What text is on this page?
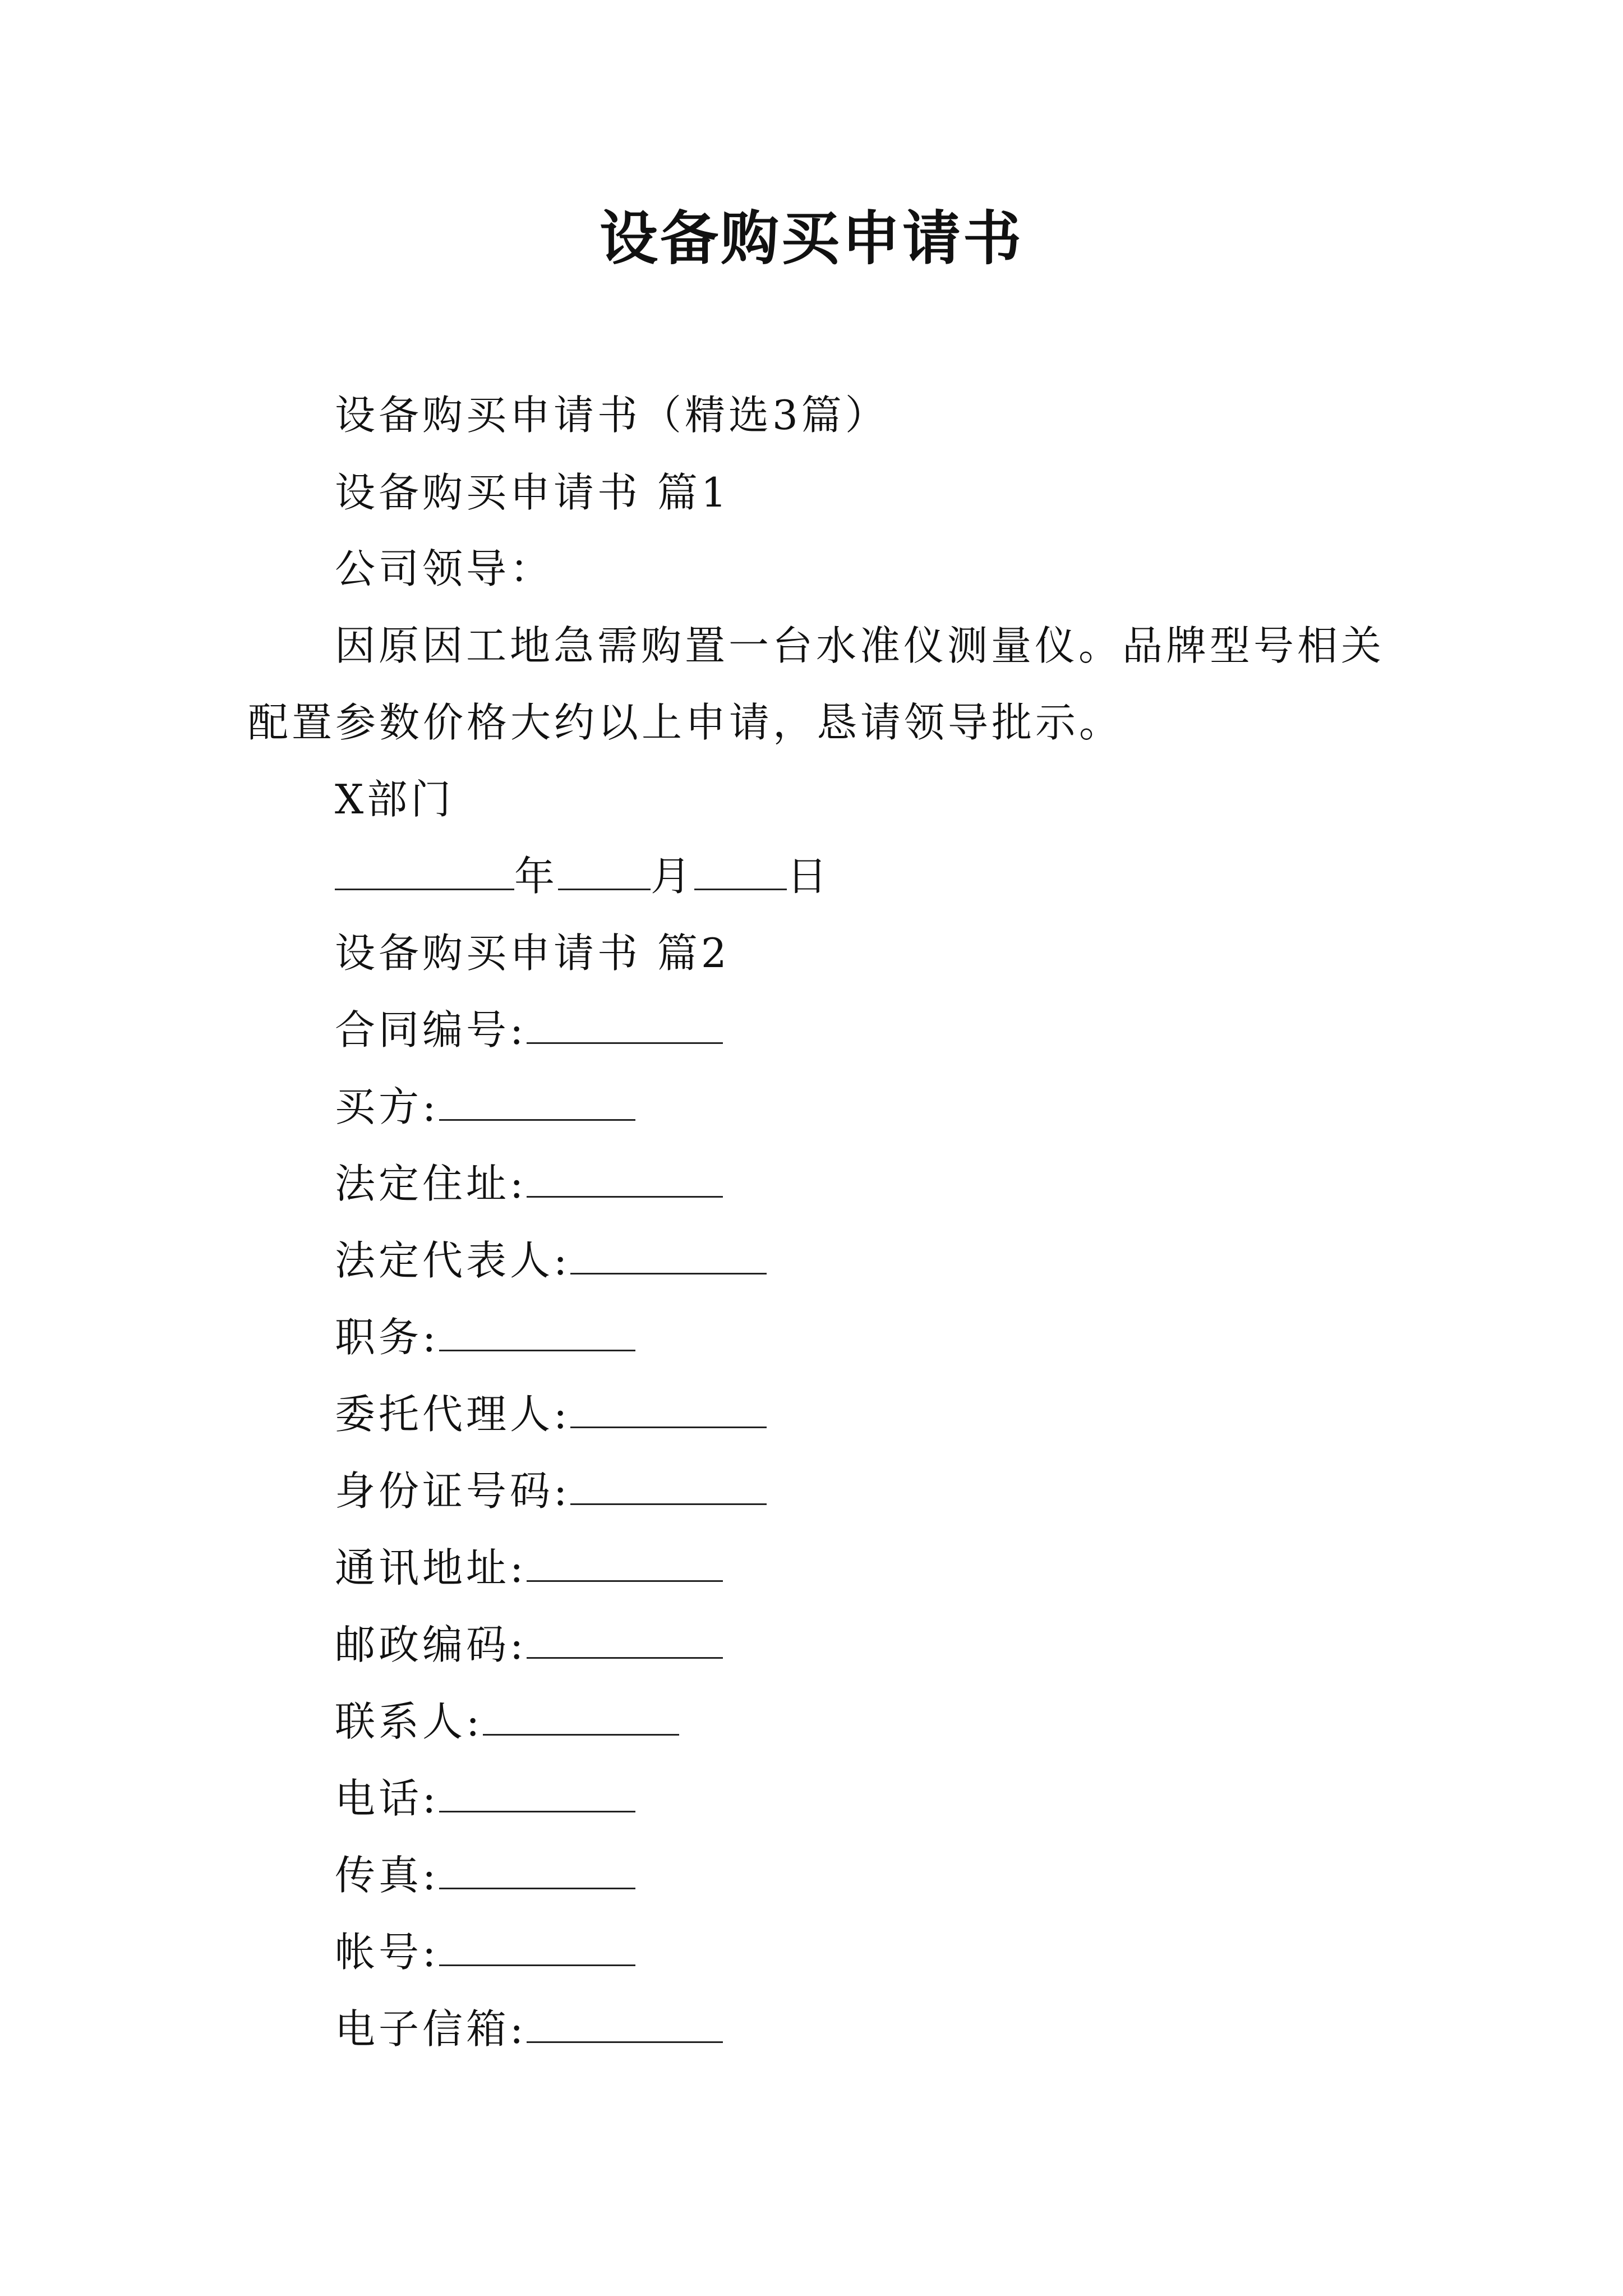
设备购买申请书
设备购买申请书（精选3篇）
设备购买申请书 篇1
公司领导：
因原因工地急需购置一台水准仪测量仪。品牌型号相关
配置参数价格大约以上申请，恳请领导批示。
X部门
年 月 日
设备购买申请书 篇2
合同编号:
买方:
法定住址:
法定代表人:
职务:
委托代理人:
身份证号码:
通讯地址:
邮政编码:
联系人:
电话:
传真:
帐号:
电子信箱:
